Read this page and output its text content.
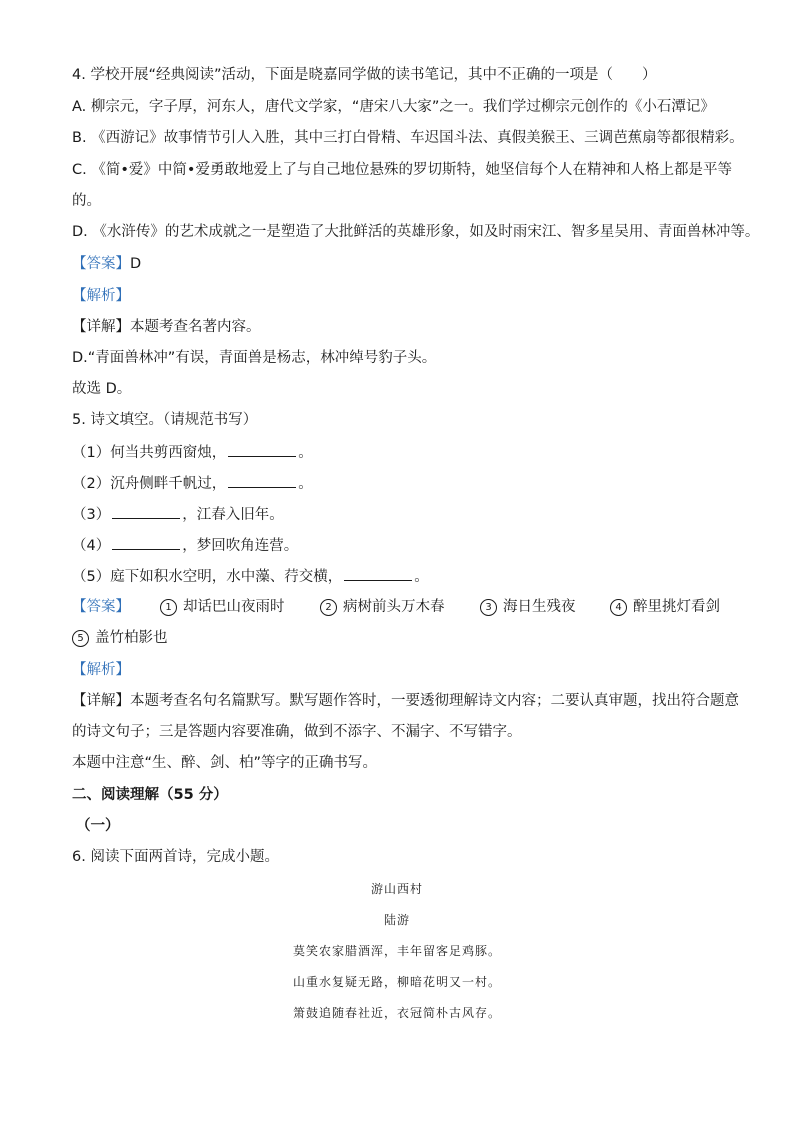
4. 学校开展“经典阅读”活动，下面是晓嘉同学做的读书笔记，其中不正确的一项是（　　）
A. 柳宗元，字子厚，河东人，唐代文学家，“唐宋八大家”之一。我们学过柳宗元创作的《小石潭记》
B. 《西游记》故事情节引人入胜，其中三打白骨精、车迟国斗法、真假美猴王、三调芭蕉扇等都很精彩。
C. 《简•爱》中简•爱勇敢地爱上了与自己地位悬殊的罗切斯特，她坚信每个人在精神和人格上都是平等
的。
D. 《水浒传》的艺术成就之一是塑造了大批鲜活的英雄形象，如及时雨宋江、智多星吴用、青面兽林冲等。
【答案】D
【解析】
【详解】本题考查名著内容。
D.“青面兽林冲”有误，青面兽是杨志，林冲绰号豹子头。
故选 D。
5. 诗文填空。（请规范书写）
（1）何当共剪西窗烛，	。
（2）沉舟侧畔千帆过，	。
（3）	，江春入旧年。
（4）	，梦回吹角连营。
（5）庭下如积水空明，水中藻、荇交横，	。
【答案】	1 却话巴山夜雨时	2 病树前头万木春	3 海日生残夜	4 醉里挑灯看剑
5 盖竹柏影也
【解析】
【详解】本题考查名句名篇默写。默写题作答时，一要透彻理解诗文内容；二要认真审题，找出符合题意
的诗文句子；三是答题内容要准确，做到不添字、不漏字、不写错字。
本题中注意“生、醉、剑、柏”等字的正确书写。
二、阅读理解（55 分）
（一）
6. 阅读下面两首诗，完成小题。
游山西村
陆游
莫笑农家腊酒浑，丰年留客足鸡豚。
山重水复疑无路，柳暗花明又一村。
箫鼓追随春社近，衣冠简朴古风存。
